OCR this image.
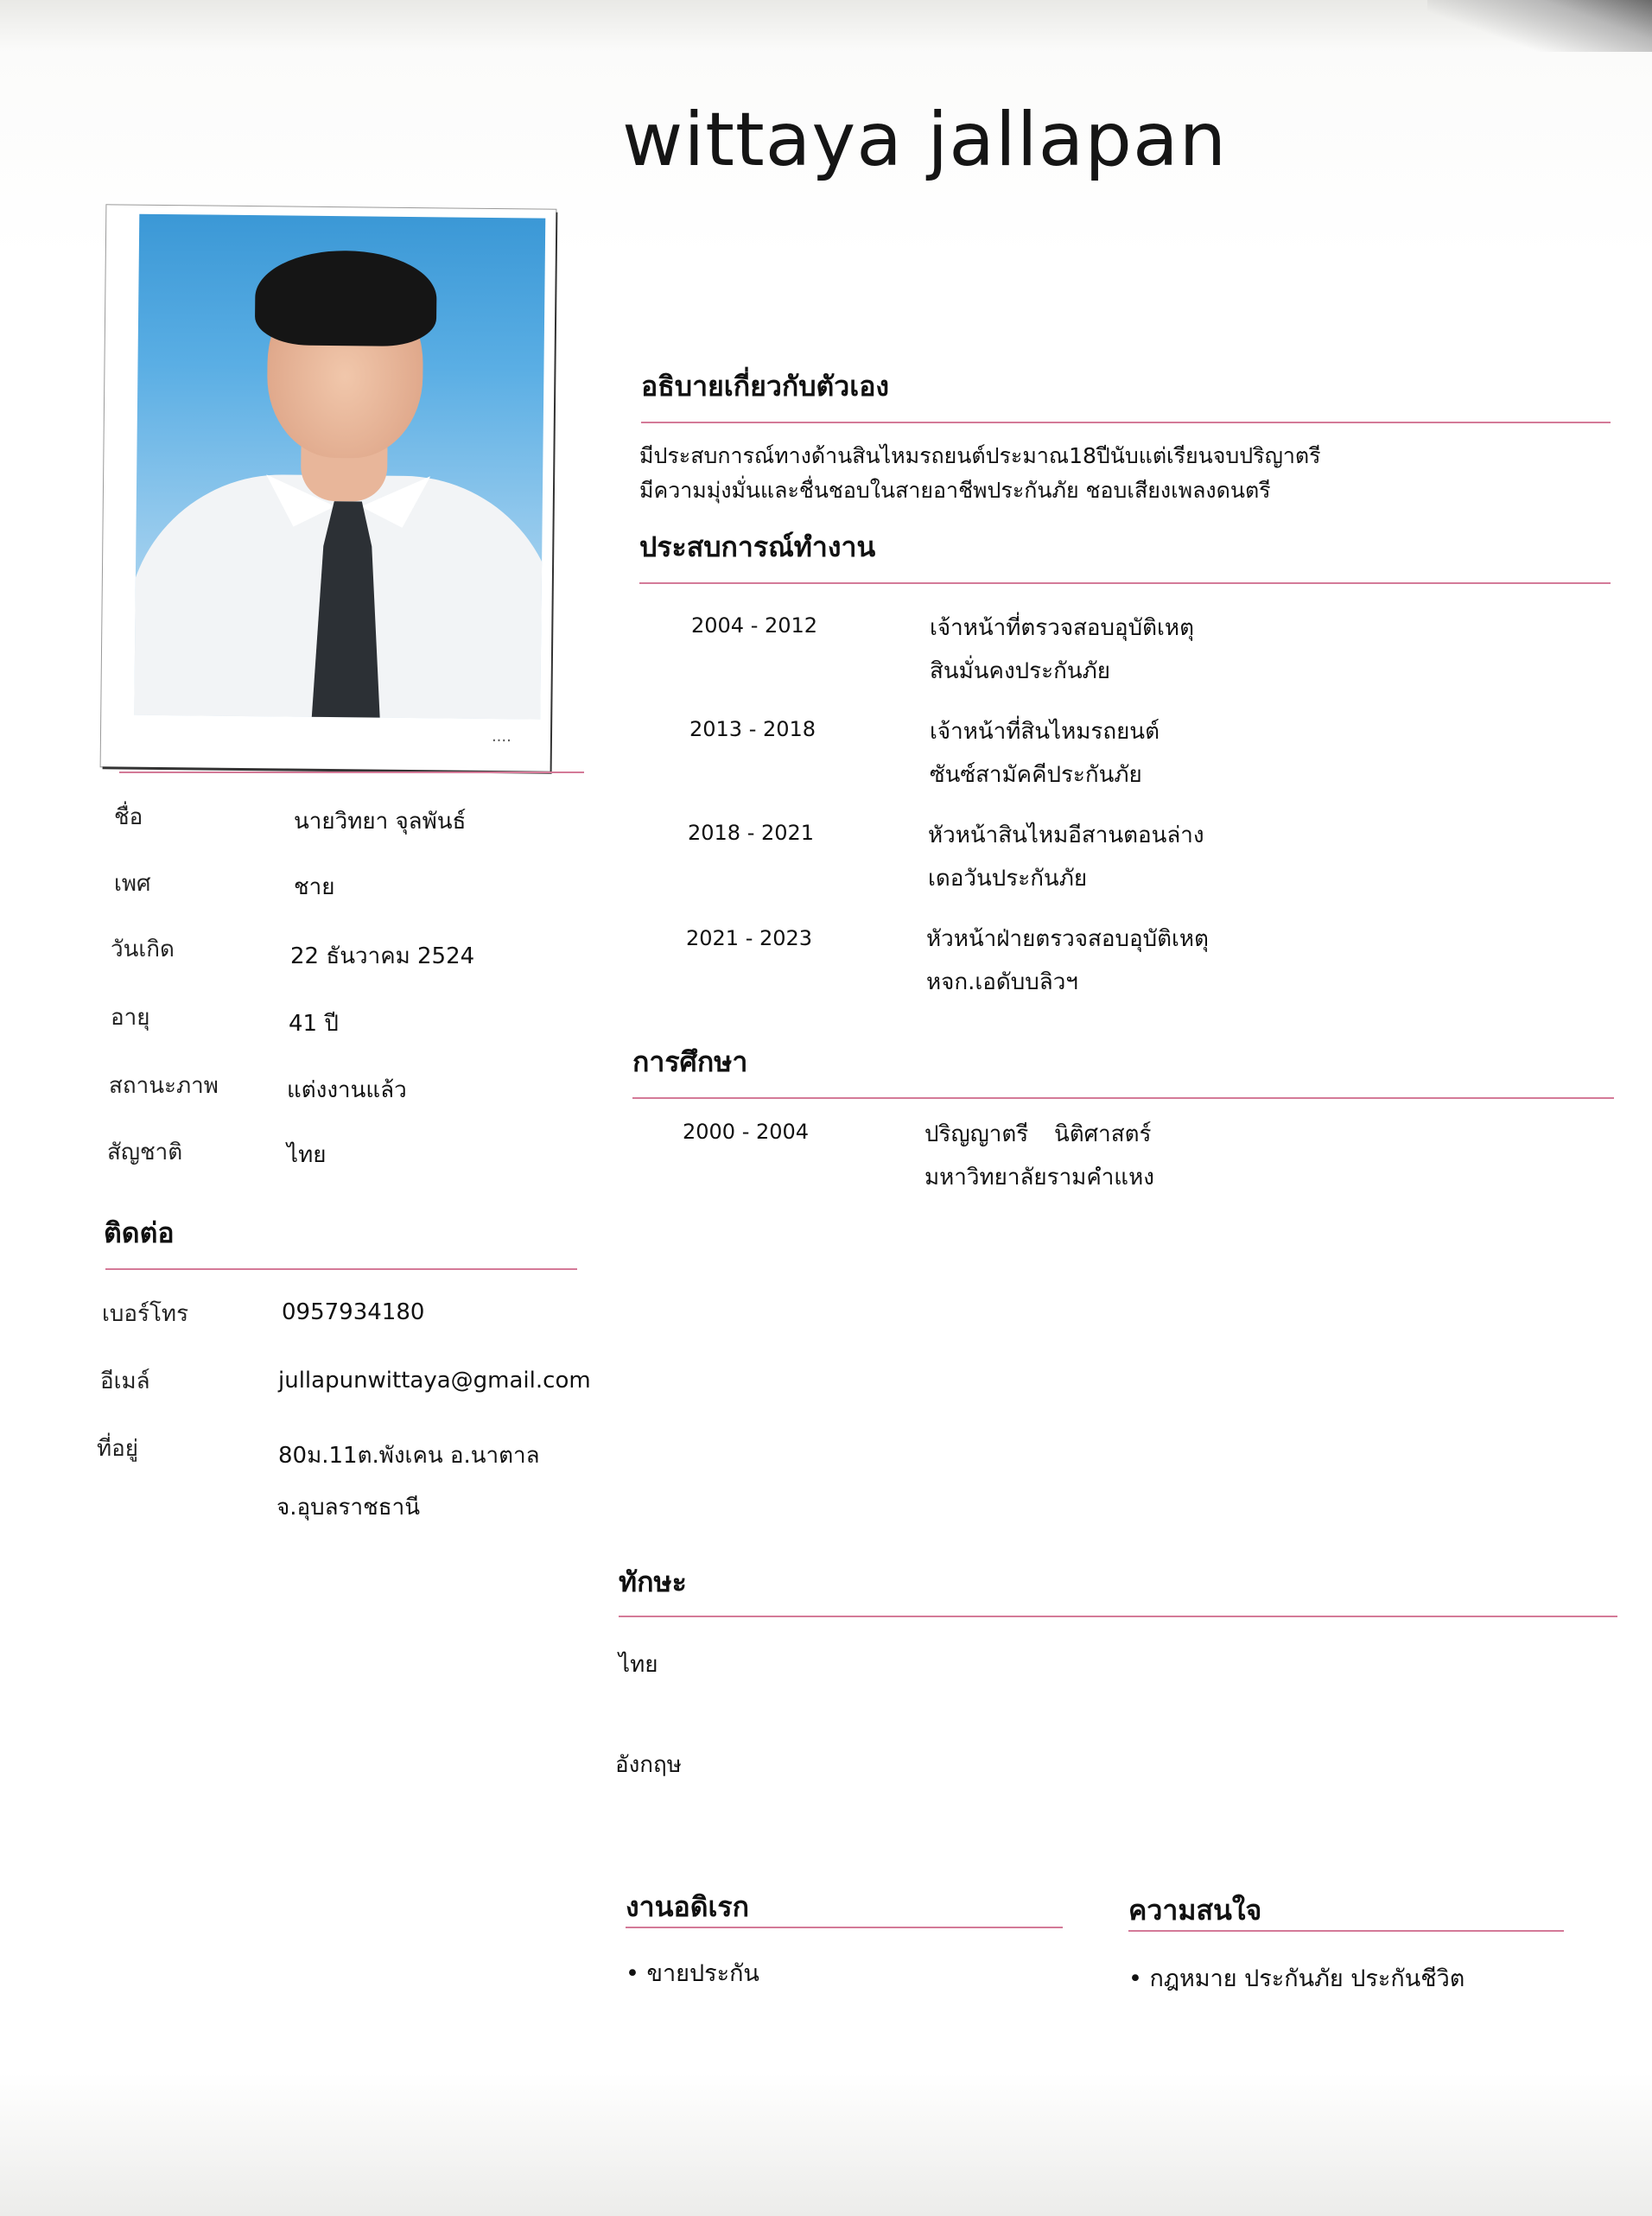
wittaya jallapan
....
ชื่อ	นายวิทยา จุลพันธ์
เพศ	ชาย
วันเกิด	22 ธันวาคม 2524
อายุ	41 ปี
สถานะภาพ	แต่งงานแล้ว
สัญชาติ	ไทย
ติดต่อ
เบอร์โทร	0957934180
อีเมล์	jullapunwittaya@gmail.com
ที่อยู่	80ม.11ต.พังเคน อ.นาตาล
จ.อุบลราชธานี
อธิบายเกี่ยวกับตัวเอง
มีประสบการณ์ทางด้านสินไหมรถยนต์ประมาณ18ปีนับแต่เรียนจบปริญาตรี
มีความมุ่งมั่นและชื่นชอบในสายอาชีพประกันภัย ชอบเสียงเพลงดนตรี
ประสบการณ์ทำงาน
2004 - 2012	เจ้าหน้าที่ตรวจสอบอุบัติเหตุ
สินมั่นคงประกันภัย
2013 - 2018	เจ้าหน้าที่สินไหมรถยนต์
ซันซ์สามัคคีประกันภัย
2018 - 2021	หัวหน้าสินไหมอีสานตอนล่าง
เดอวันประกันภัย
2021 - 2023	หัวหน้าฝ่ายตรวจสอบอุบัติเหตุ
หจก.เอดับบลิวฯ
การศึกษา
2000 - 2004	ปริญญาตรี นิติศาสตร์
มหาวิทยาลัยรามคำแหง
ทักษะ
ไทย
อังกฤษ
งานอดิเรก
• ขายประกัน
ความสนใจ
• กฎหมาย ประกันภัย ประกันชีวิต
